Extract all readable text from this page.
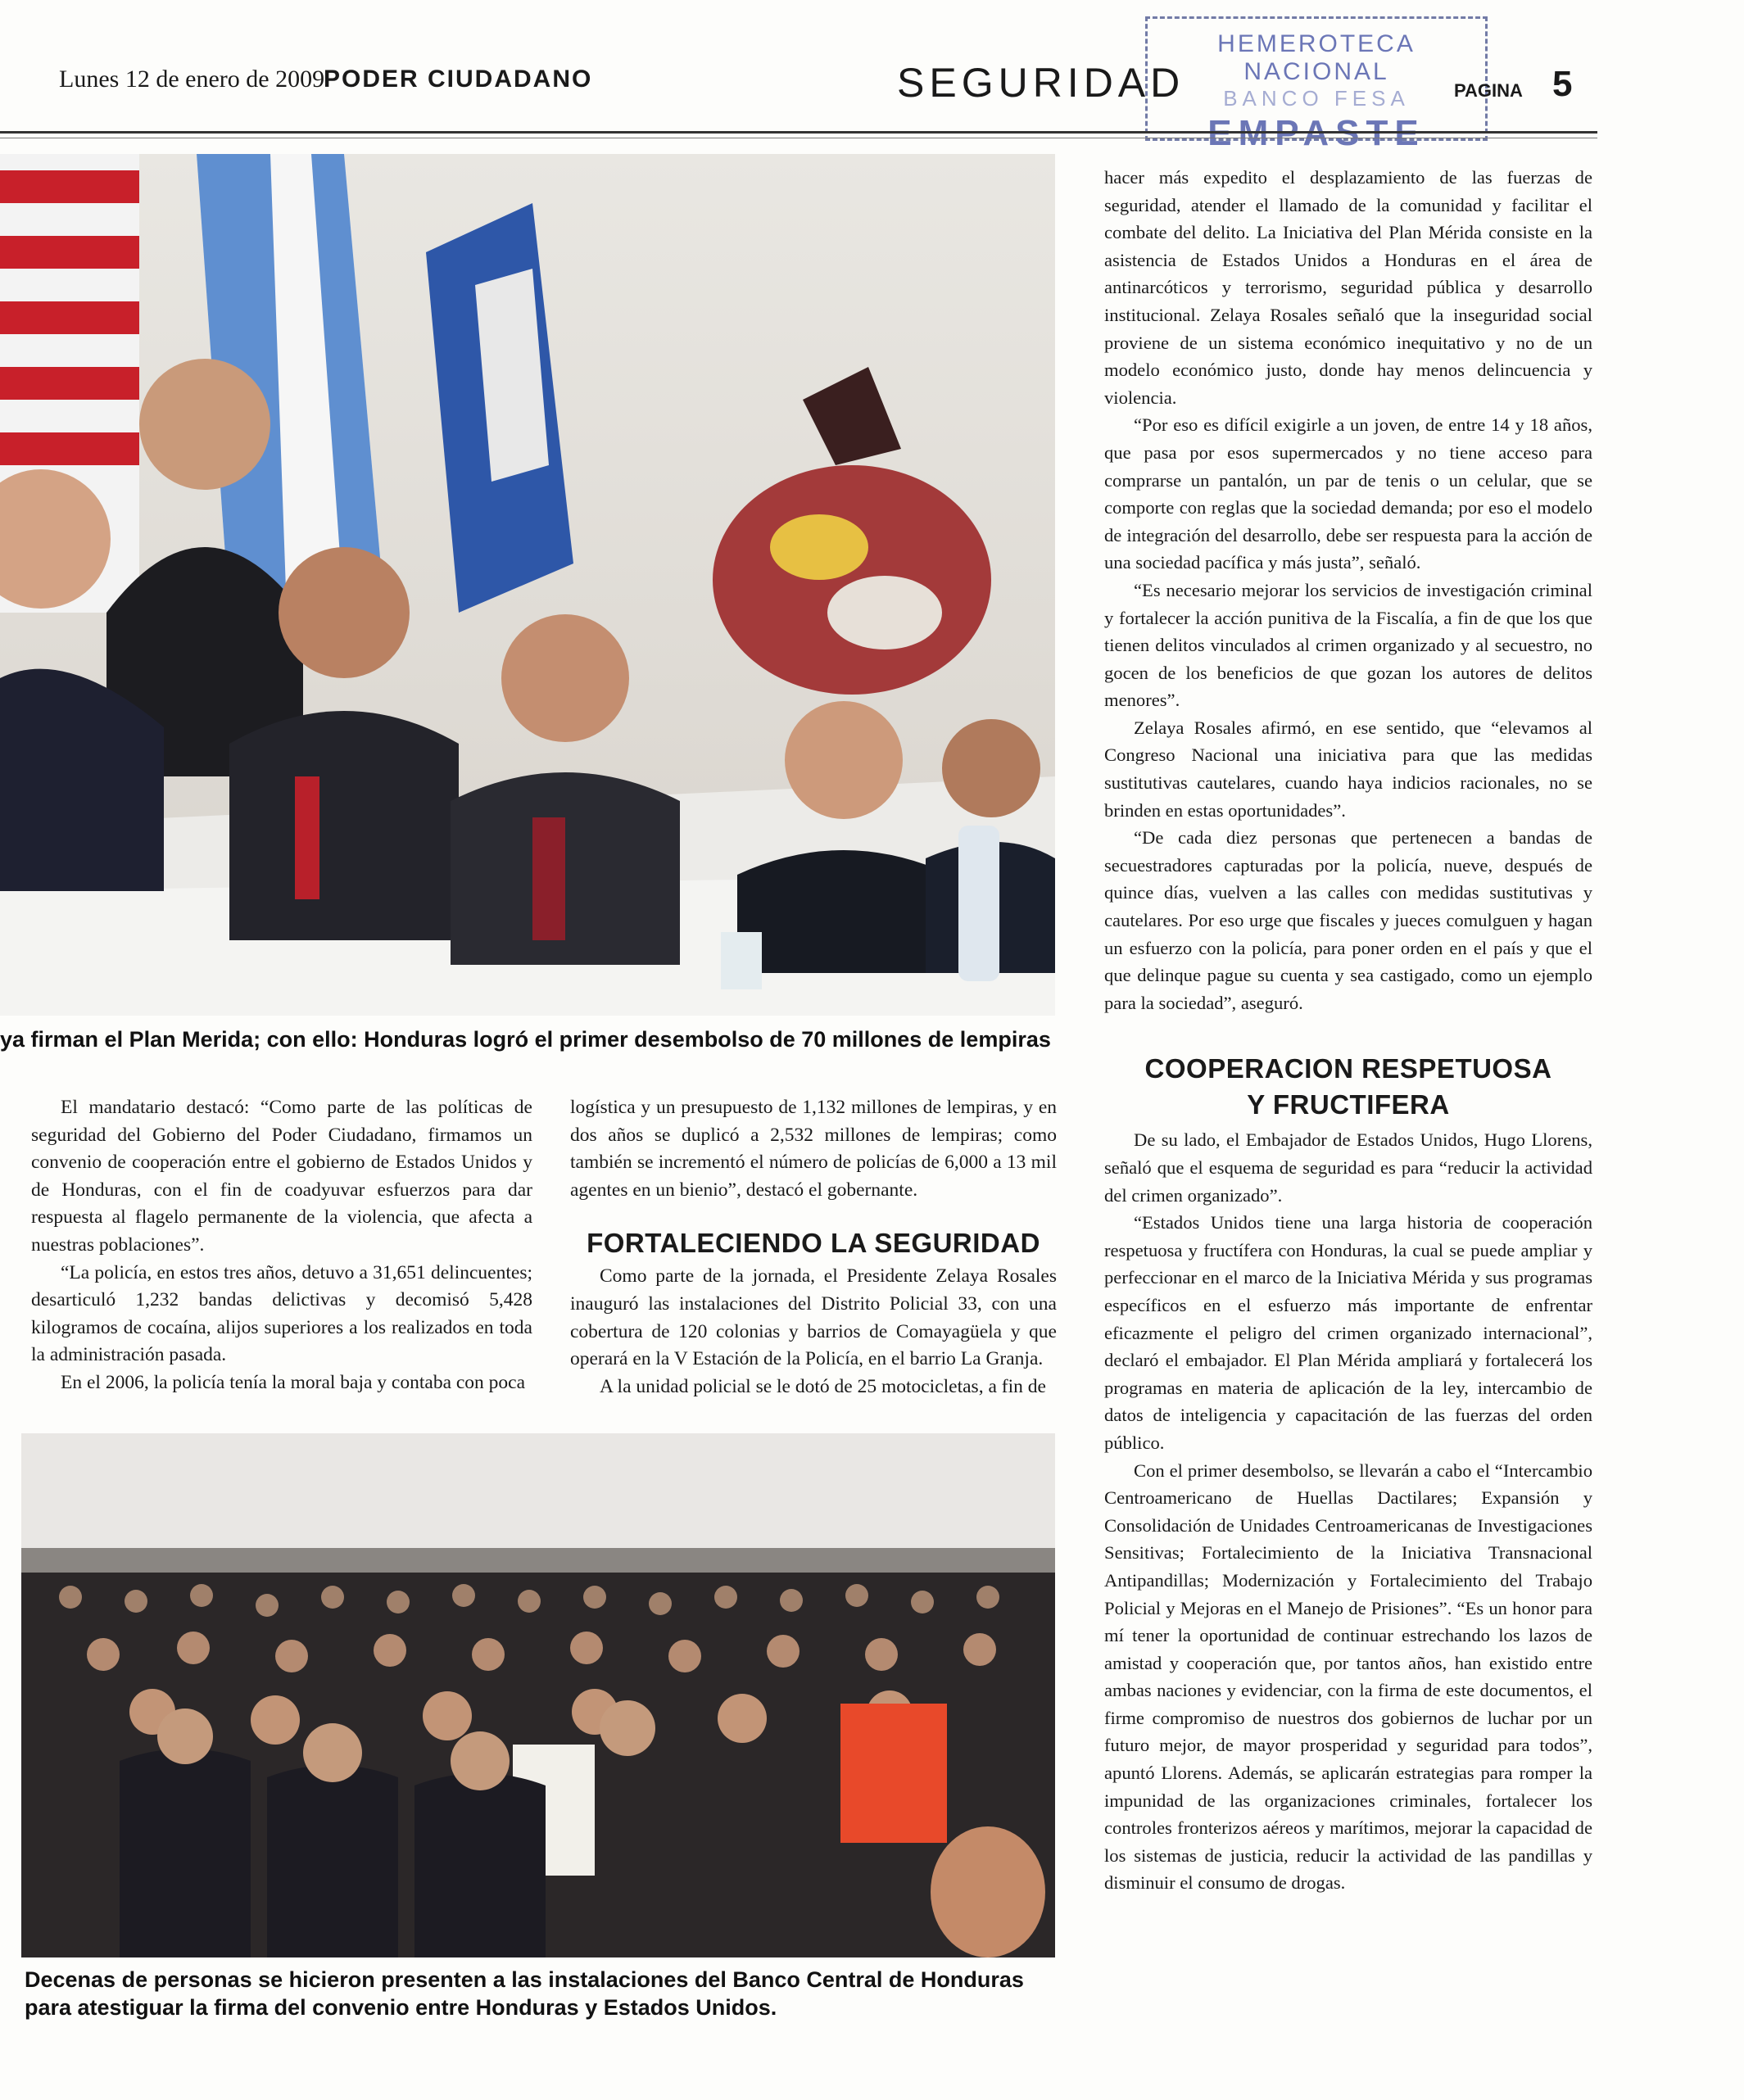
Lunes 12 de enero de 2009
PODER CIUDADANO	SEGURIDAD
HEMEROTECA NACIONAL
BANCO FESA	PAGINA 5
ya firman el Plan Merida; con ello: Honduras logró el primer desembolso de 70 millones de lempiras

El mandatario destacó: “Como parte de las políticas de seguridad del Gobierno del Poder Ciudadano, firmamos un convenio de cooperación entre el gobierno de Estados Unidos y de Honduras, con el fin de coadyuvar esfuerzos para dar respuesta al flagelo permanente de la violencia, que afecta a nuestras poblaciones”.

“La policía, en estos tres años, detuvo a 31,651 delincuentes; desarticuló 1,232 bandas delictivas y decomisó 5,428 kilogramos de cocaína, alijos superiores a los realizados en toda la administración pasada.

En el 2006, la policía tenía la moral baja y contaba con poca

logística y un presupuesto de 1,132 millones de lempiras, y en dos años se duplicó a 2,532 millones de lempiras; como también se incrementó el número de policías de 6,000 a 13 mil agentes en un bienio”, destacó el gobernante.

FORTALECIENDO LA SEGURIDAD

Como parte de la jornada, el Presidente Zelaya Rosales inauguró las instalaciones del Distrito Policial 33, con una cobertura de 120 colonias y barrios de Comayagüela y que operará en la V Estación de la Policía, en el barrio La Granja.

A la unidad policial se le dotó de 25 motocicletas, a fin de

Decenas de personas se hicieron presenten a las instalaciones del Banco Central de Honduras
para atestiguar la firma del convenio entre Honduras y Estados Unidos.

hacer más expedito el desplazamiento de las fuerzas de seguridad, atender el llamado de la comunidad y facilitar el combate del delito. La Iniciativa del Plan Mérida consiste en la asistencia de Estados Unidos a Honduras en el área de antinarcóticos y terrorismo, seguridad pública y desarrollo institucional. Zelaya Rosales señaló que la inseguridad social proviene de un sistema económico inequitativo y no de un modelo económico justo, donde hay menos delincuencia y violencia.

“Por eso es difícil exigirle a un joven, de entre 14 y 18 años, que pasa por esos supermercados y no tiene acceso para comprarse un pantalón, un par de tenis o un celular, que se comporte con reglas que la sociedad demanda; por eso el modelo de integración del desarrollo, debe ser respuesta para la acción de una sociedad pacífica y más justa”, señaló.

“Es necesario mejorar los servicios de investigación criminal y fortalecer la acción punitiva de la Fiscalía, a fin de que los que tienen delitos vinculados al crimen organizado y al secuestro, no gocen de los beneficios de que gozan los autores de delitos menores”.

Zelaya Rosales afirmó, en ese sentido, que “elevamos al Congreso Nacional una iniciativa para que las medidas sustitutivas cautelares, cuando haya indicios racionales, no se brinden en estas oportunidades”.

“De cada diez personas que pertenecen a bandas de secuestradores capturadas por la policía, nueve, después de quince días, vuelven a las calles con medidas sustitutivas y cautelares. Por eso urge que fiscales y jueces comulguen y hagan un esfuerzo con la policía, para poner orden en el país y que el que delinque pague su cuenta y sea castigado, como un ejemplo para la sociedad”, aseguró.

COOPERACION RESPETUOSA
Y FRUCTIFERA

De su lado, el Embajador de Estados Unidos, Hugo Llorens, señaló que el esquema de seguridad es para “reducir la actividad del crimen organizado”.

“Estados Unidos tiene una larga historia de cooperación respetuosa y fructífera con Honduras, la cual se puede ampliar y perfeccionar en el marco de la Iniciativa Mérida y sus programas específicos en el esfuerzo más importante de enfrentar eficazmente el peligro del crimen organizado internacional”, declaró el embajador. El Plan Mérida ampliará y fortalecerá los programas en materia de aplicación de la ley, intercambio de datos de inteligencia y capacitación de las fuerzas del orden público.

Con el primer desembolso, se llevarán a cabo el “Intercambio Centroamericano de Huellas Dactilares; Expansión y Consolidación de Unidades Centroamericanas de Investigaciones Sensitivas; Fortalecimiento de la Iniciativa Transnacional Antipandillas; Modernización y Fortalecimiento del Trabajo Policial y Mejoras en el Manejo de Prisiones”. “Es un honor para mí tener la oportunidad de continuar estrechando los lazos de amistad y cooperación que, por tantos años, han existido entre ambas naciones y evidenciar, con la firma de este documentos, el firme compromiso de nuestros dos gobiernos de luchar por un futuro mejor, de mayor prosperidad y seguridad para todos”, apuntó Llorens. Además, se aplicarán estrategias para romper la impunidad de las organizaciones criminales, fortalecer los controles fronterizos aéreos y marítimos, mejorar la capacidad de los sistemas de justicia, reducir la actividad de las pandillas y disminuir el consumo de drogas.
